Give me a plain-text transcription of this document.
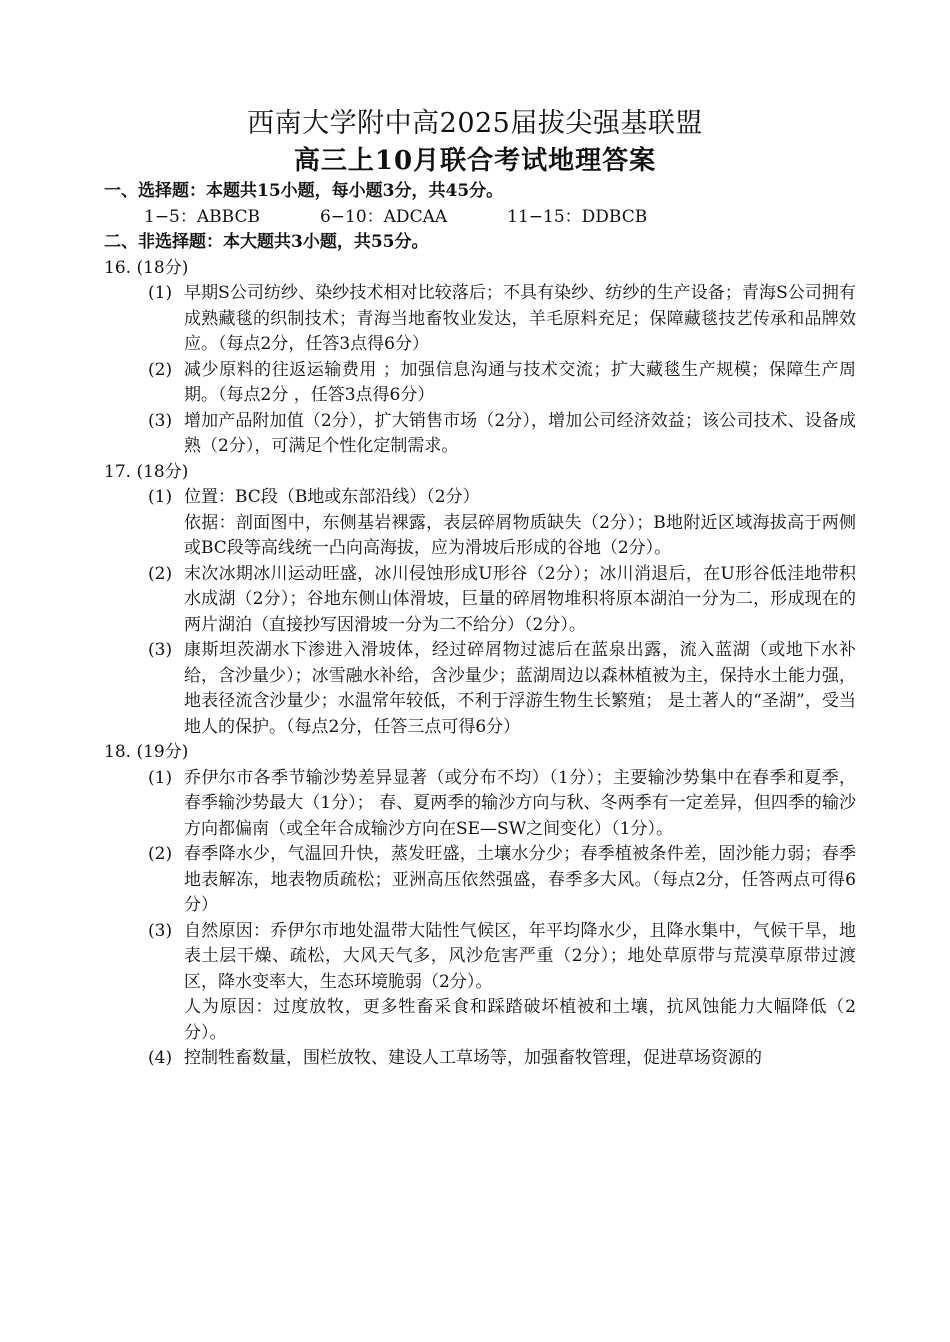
西南大学附中高2025届拔尖强基联盟
高三上10月联合考试地理答案
一、选择题：本题共15小题，每小题3分，共45分。
1−5：ABBCB	6−10：ADCAA	11−15：DDBCB
二、非选择题：本大题共3小题，共55分。
16. (18分)
(1) 早期S公司纺纱、染纱技术相对比较落后；不具有染纱、纺纱的生产设备；青海S公司拥有成熟藏毯的织制技术；青海当地畜牧业发达，羊毛原料充足；保障藏毯技艺传承和品牌效应。（每点2分，任答3点得6分）

(2) 减少原料的往返运输费用 ；加强信息沟通与技术交流；扩大藏毯生产规模；保障生产周期。（每点2分 ，任答3点得6分）

(3) 增加产品附加值（2分），扩大销售市场（2分），增加公司经济效益；该公司技术、设备成熟（2分），可满足个性化定制需求。

17. (18分)
(1) 位置：BC段（B地或东部沿线）（2分）

依据：剖面图中，东侧基岩裸露，表层碎屑物质缺失（2分）；B地附近区域海拔高于两侧或BC段等高线统一凸向高海拔，应为滑坡后形成的谷地（2分）。

(2) 末次冰期冰川运动旺盛，冰川侵蚀形成U形谷（2分）；冰川消退后，在U形谷低洼地带积水成湖（2分）；谷地东侧山体滑坡，巨量的碎屑物堆积将原本湖泊一分为二，形成现在的两片湖泊（直接抄写因滑坡一分为二不给分）（2分）。

(3) 康斯坦茨湖水下渗进入滑坡体，经过碎屑物过滤后在蓝泉出露，流入蓝湖（或地下水补给，含沙量少）；冰雪融水补给，含沙量少；蓝湖周边以森林植被为主，保持水土能力强，地表径流含沙量少；水温常年较低，不利于浮游生物生长繁殖； 是土著人的“圣湖”，受当地人的保护。（每点2分，任答三点可得6分）

18. (19分)
(1) 乔伊尔市各季节输沙势差异显著（或分布不均）（1分）；主要输沙势集中在春季和夏季，春季输沙势最大（1分）； 春、夏两季的输沙方向与秋、冬两季有一定差异，但四季的输沙方向都偏南（或全年合成输沙方向在SE—SW之间变化）（1分）。

(2) 春季降水少，气温回升快，蒸发旺盛，土壤水分少；春季植被条件差，固沙能力弱；春季地表解冻，地表物质疏松；亚洲高压依然强盛，春季多大风。（每点2分，任答两点可得6分）

(3) 自然原因：乔伊尔市地处温带大陆性气候区，年平均降水少，且降水集中，气候干旱，地表土层干燥、疏松，大风天气多，风沙危害严重（2分）；地处草原带与荒漠草原带过渡区，降水变率大，生态环境脆弱（2分）。

人为原因：过度放牧，更多牲畜采食和踩踏破坏植被和土壤，抗风蚀能力大幅降低（2分）。

(4) 控制牲畜数量，围栏放牧、建设人工草场等，加强畜牧管理，促进草场资源的
